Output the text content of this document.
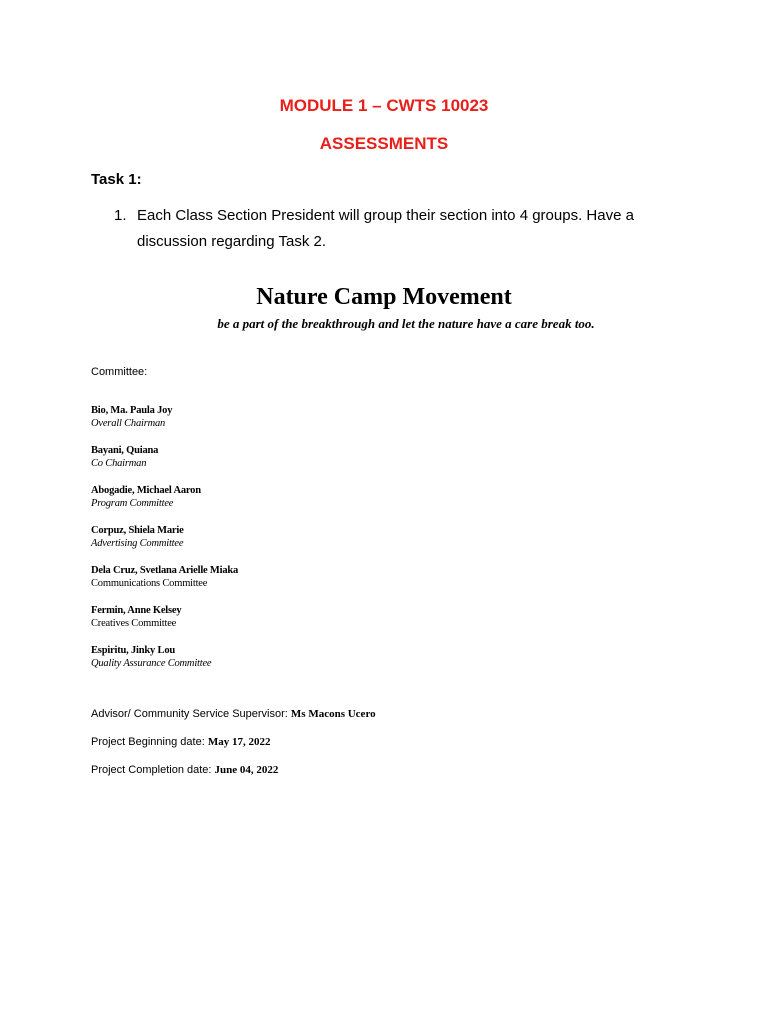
MODULE 1 – CWTS 10023
ASSESSMENTS
Task 1:
1. Each Class Section President will group their section into 4 groups. Have a discussion regarding Task 2.
Nature Camp Movement
be a part of the breakthrough and let the nature have a care break too.
Committee:
Bio, Ma. Paula Joy
Overall Chairman
Bayani, Quiana
Co Chairman
Abogadie, Michael Aaron
Program Committee
Corpuz, Shiela Marie
Advertising Committee
Dela Cruz, Svetlana Arielle Miaka
Communications Committee
Fermin, Anne Kelsey
Creatives Committee
Espiritu, Jinky Lou
Quality Assurance Committee
Advisor/ Community Service Supervisor: Ms Macons Ucero
Project Beginning date: May 17, 2022
Project Completion date: June 04, 2022
